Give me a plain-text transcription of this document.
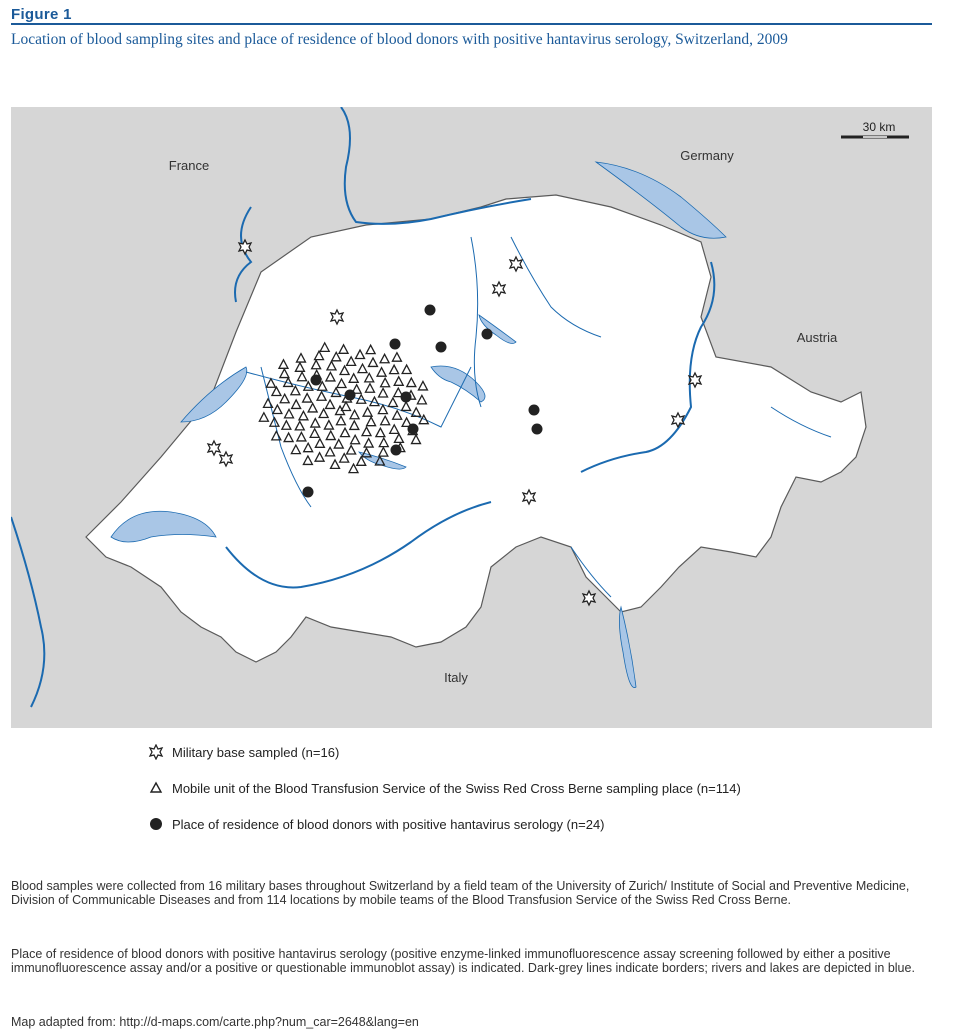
Figure 1
Location of blood sampling sites and place of residence of blood donors with positive hantavirus serology, Switzerland, 2009
30 km
France
Germany
Austria
Italy
Military base sampled (n=16)
Mobile unit of the Blood Transfusion Service of the Swiss Red Cross Berne sampling place (n=114)
Place of residence of blood donors with positive hantavirus serology (n=24)
Blood samples were collected from 16 military bases throughout Switzerland by a field team of the University of Zurich/ Institute of Social and Preventive Medicine, Division of Communicable Diseases and from 114 locations by mobile teams of the Blood Transfusion Service of the Swiss Red Cross Berne.
Place of residence of blood donors with positive hantavirus serology (positive enzyme-linked immunofluorescence assay screening followed by either a positive immunofluorescence assay and/or a positive or questionable immunoblot assay) is indicated. Dark-grey lines indicate borders; rivers and lakes are depicted in blue.
Map adapted from: http://d-maps.com/carte.php?num_car=2648&lang=en
